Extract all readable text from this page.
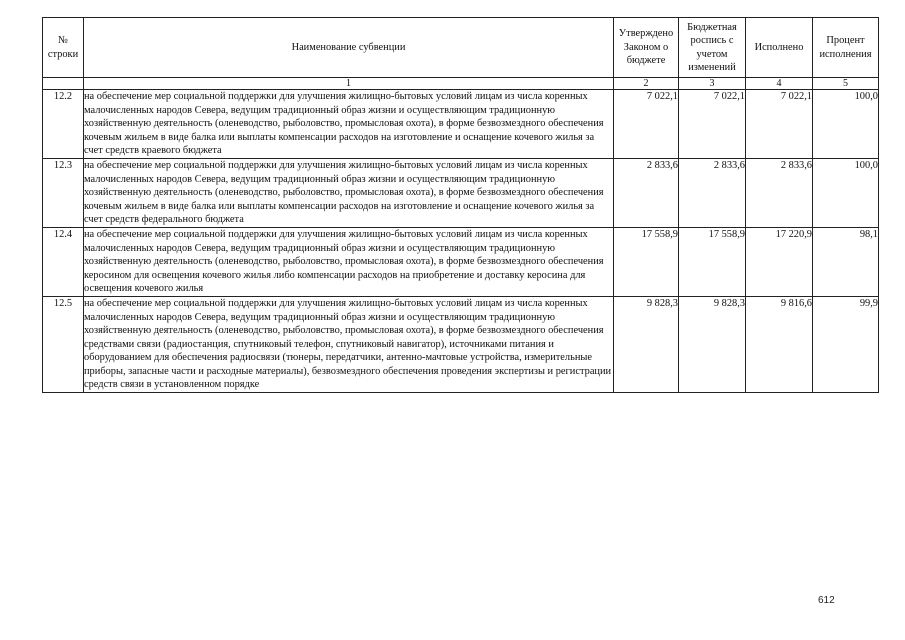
№ строки	Наименование субвенции	Утверждено Законом о бюджете	Бюджетная роспись с учетом изменений	Исполнено	Процент исполнения
	1	2	3	4	5
12.2	на обеспечение мер социальной поддержки для улучшения жилищно-бытовых условий лицам из числа коренных малочисленных народов Севера, ведущим традиционный образ жизни и осуществляющим традиционную хозяйственную деятельность (оленеводство, рыболовство, промысловая охота), в форме безвозмездного обеспечения кочевым жильем в виде балка или выплаты компенсации расходов на изготовление и оснащение кочевого жилья за счет средств краевого бюджета	7 022,1	7 022,1	7 022,1	100,0
12.3	на обеспечение мер социальной поддержки для улучшения жилищно-бытовых условий лицам из числа коренных малочисленных народов Севера, ведущим традиционный образ жизни и осуществляющим традиционную хозяйственную деятельность (оленеводство, рыболовство, промысловая охота), в форме безвозмездного обеспечения кочевым жильем в виде балка или выплаты компенсации расходов на изготовление и оснащение кочевого жилья за счет средств федерального бюджета	2 833,6	2 833,6	2 833,6	100,0
12.4	на обеспечение мер социальной поддержки для улучшения жилищно-бытовых условий лицам из числа коренных малочисленных народов Севера, ведущим традиционный образ жизни и осуществляющим традиционную хозяйственную деятельность (оленеводство, рыболовство, промысловая охота), в форме безвозмездного обеспечения керосином для освещения кочевого жилья либо компенсации расходов на приобретение и доставку керосина для освещения кочевого жилья	17 558,9	17 558,9	17 220,9	98,1
12.5	на обеспечение мер социальной поддержки для улучшения жилищно-бытовых условий лицам из числа коренных малочисленных народов Севера, ведущим традиционный образ жизни и осуществляющим традиционную хозяйственную деятельность (оленеводство, рыболовство, промысловая охота), в форме безвозмездного обеспечения средствами связи (радиостанция, спутниковый телефон, спутниковый навигатор), источниками питания и оборудованием для обеспечения радиосвязи (тюнеры, передатчики, антенно-мачтовые устройства, измерительные приборы, запасные части и расходные материалы), безвозмездного обеспечения проведения экспертизы и регистрации средств связи в установленном порядке	9 828,3	9 828,3	9 816,6	99,9
612
